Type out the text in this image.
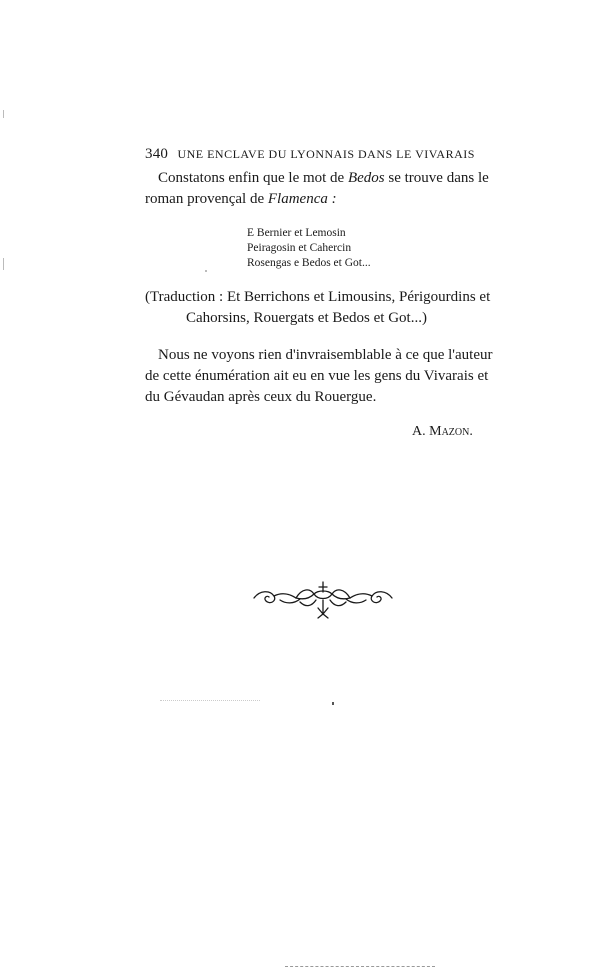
340 UNE ENCLAVE DU LYONNAIS DANS LE VIVARAIS
Constatons enfin que le mot de Bedos se trouve dans le
roman provençal de Flamenca :
E Bernier et Lemosin
Peiragosin et Cahercin
Rosengas e Bedos et Got...
(Traduction : Et Berrichons et Limousins, Périgourdins et
Cahorsins, Rouergats et Bedos et Got...)
Nous ne voyons rien d'invraisemblable à ce que l'auteur
de cette énumération ait eu en vue les gens du Vivarais et
du Gévaudan après ceux du Rouergue.
A. Mazon.
